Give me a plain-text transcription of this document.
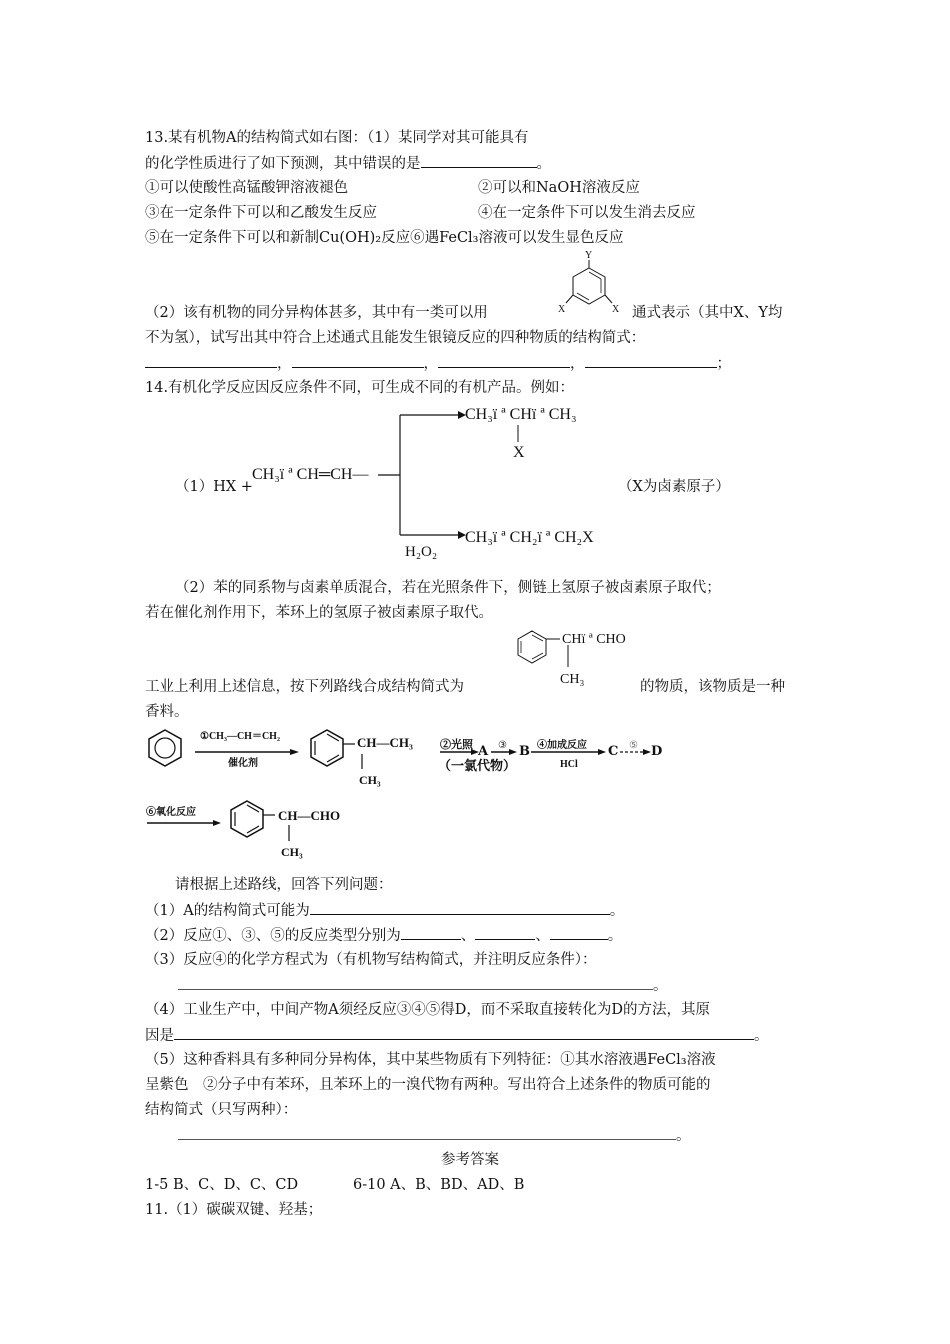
13.某有机物A的结构简式如右图：（1）某同学对其可能具有
的化学性质进行了如下预测，其中错误的是	。
①可以使酸性高锰酸钾溶液褪色	②可以和NaOH溶液反应
③在一定条件下可以和乙酸发生反应	④在一定条件下可以发生消去反应
⑤在一定条件下可以和新制Cu(OH)₂反应⑥遇FeCl₃溶液可以发生显色反应
Y
X	X
（2）该有机物的同分异构体甚多，其中有一类可以用	通式表示（其中X、Y均
不为氢），试写出其中符合上述通式且能发生银镜反应的四种物质的结构简式：
，	，	，	；
14.有机化学反应因反应条件不同，可生成不同的有机产品。例如：
（1）HX +
CH₃ï ª CH═CH—
CH₃ï ª CHï ª CH₃
X
（X为卤素原子）
CH₃ï ª CH₂ï ª CH₂X
H₂O₂
（2）苯的同系物与卤素单质混合，若在光照条件下，侧链上氢原子被卤素原子取代；
若在催化剂作用下，苯环上的氢原子被卤素原子取代。
CHï ª CHO
CH₃
工业上利用上述信息，按下列路线合成结构简式为	的物质，该物质是一种
香料。
①CH₃—CH＝CH₂
催化剂
CH—CH₃
CH₃
②光照
（一氯代物）
A ③ B ④加成反应
HCl
C ⑤ D
⑥氧化反应	CH—CHO
CH₃
请根据上述路线，回答下列问题：
（1）A的结构简式可能为	。
（2）反应①、③、⑤的反应类型分别为	、	、	。
（3）反应④的化学方程式为（有机物写结构简式，并注明反应条件）：
。
（4）工业生产中，中间产物A须经反应③④⑤得D，而不采取直接转化为D的方法，其原
因是	。
（5）这种香料具有多种同分异构体，其中某些物质有下列特征：①其水溶液遇FeCl₃溶液
呈紫色　②分子中有苯环，且苯环上的一溴代物有两种。写出符合上述条件的物质可能的
结构简式（只写两种）：
。
参考答案
1-5 B、C、D、C、CD	6-10 A、B、BD、AD、B
11.（1）碳碳双键、羟基；
